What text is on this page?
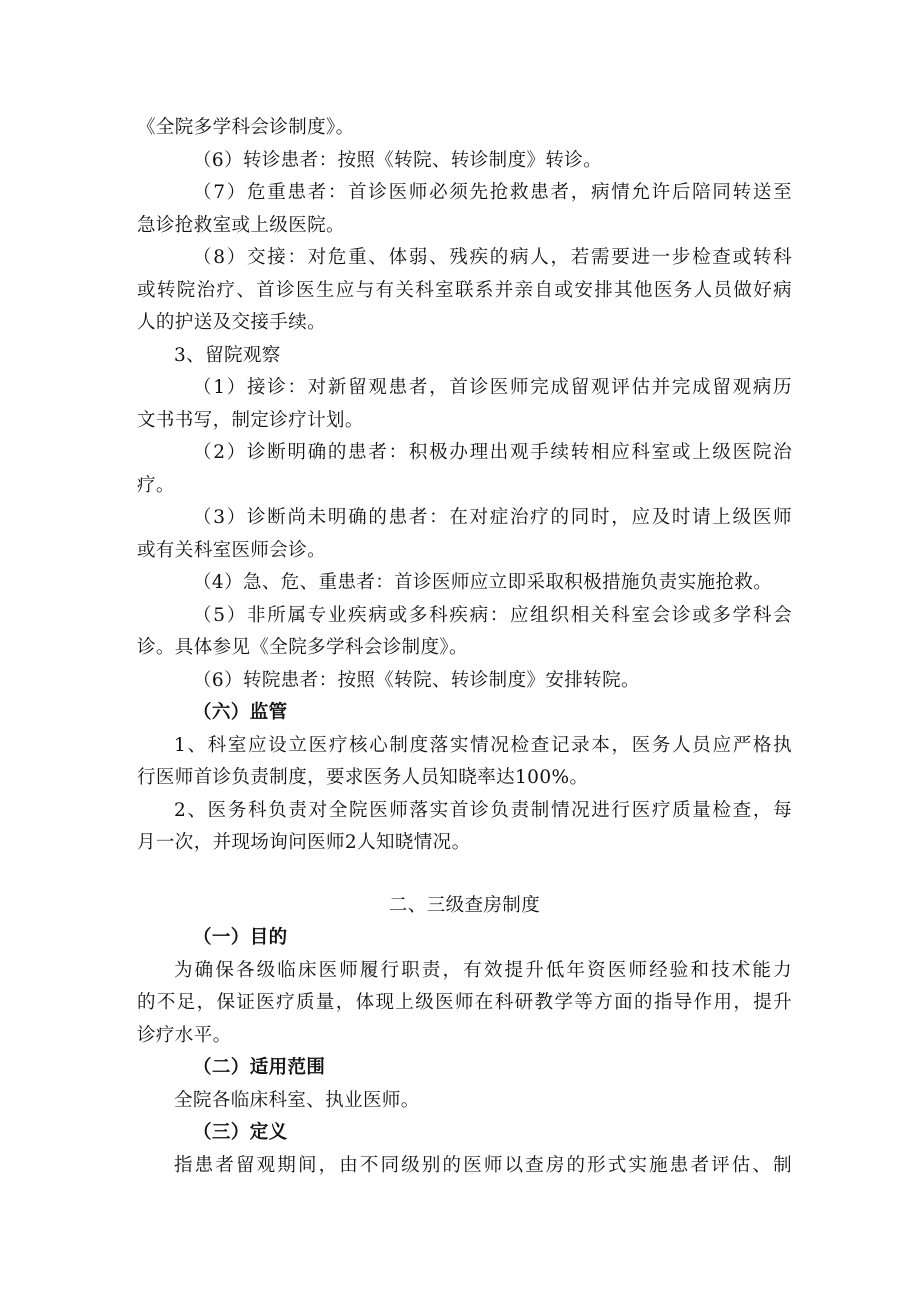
《全院多学科会诊制度》。
（6）转诊患者：按照《转院、转诊制度》转诊。
（7）危重患者：首诊医师必须先抢救患者，病情允许后陪同转送至
急诊抢救室或上级医院。
（8）交接：对危重、体弱、残疾的病人，若需要进一步检查或转科
或转院治疗、首诊医生应与有关科室联系并亲自或安排其他医务人员做好病
人的护送及交接手续。
3、留院观察
（1）接诊：对新留观患者，首诊医师完成留观评估并完成留观病历
文书书写，制定诊疗计划。
（2）诊断明确的患者：积极办理出观手续转相应科室或上级医院治
疗。
（3）诊断尚未明确的患者：在对症治疗的同时，应及时请上级医师
或有关科室医师会诊。
（4）急、危、重患者：首诊医师应立即采取积极措施负责实施抢救。
（5）非所属专业疾病或多科疾病：应组织相关科室会诊或多学科会
诊。具体参见《全院多学科会诊制度》。
（6）转院患者：按照《转院、转诊制度》安排转院。
（六）监管
1、科室应设立医疗核心制度落实情况检查记录本，医务人员应严格执
行医师首诊负责制度，要求医务人员知晓率达100%。
2、医务科负责对全院医师落实首诊负责制情况进行医疗质量检查，每
月一次，并现场询问医师2人知晓情况。
二、三级查房制度
（一）目的
为确保各级临床医师履行职责，有效提升低年资医师经验和技术能力
的不足，保证医疗质量，体现上级医师在科研教学等方面的指导作用，提升
诊疗水平。
（二）适用范围
全院各临床科室、执业医师。
（三）定义
指患者留观期间，由不同级别的医师以查房的形式实施患者评估、制
